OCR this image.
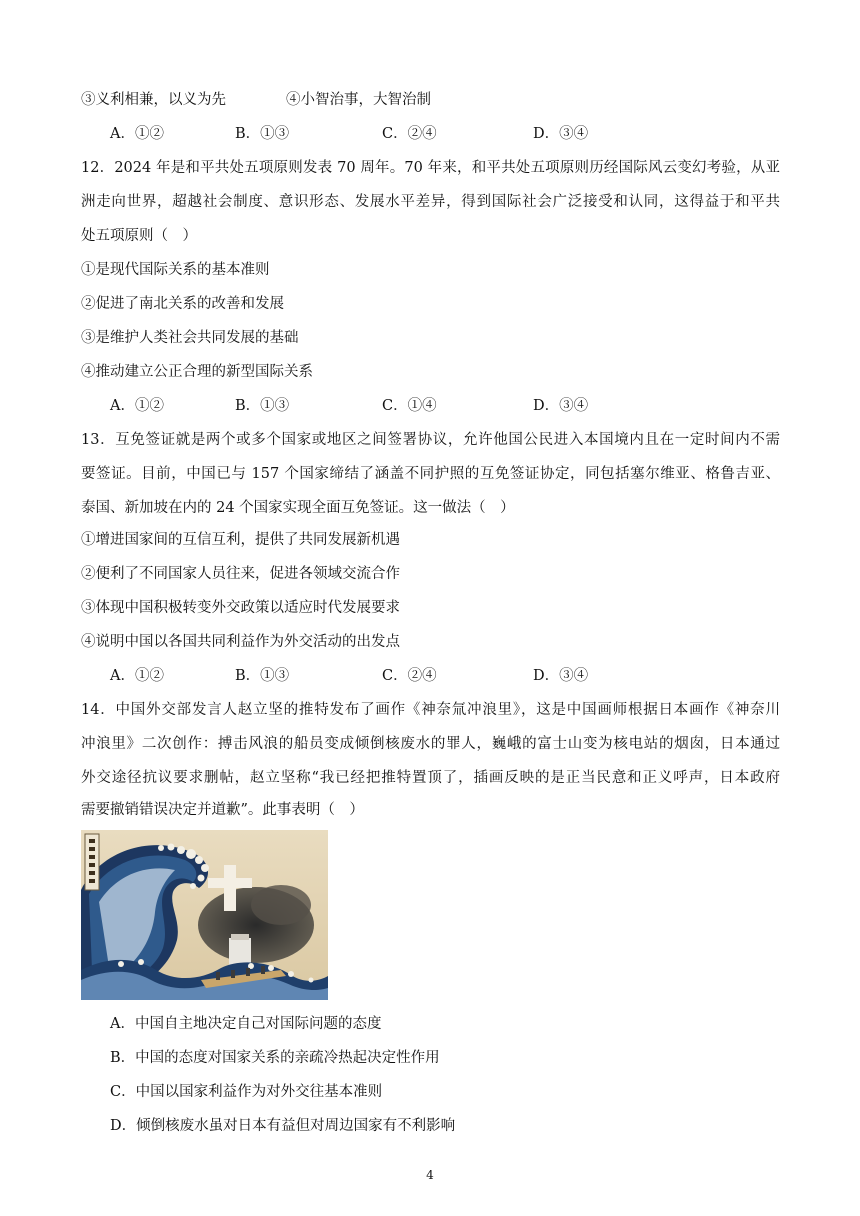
③义利相兼，以义为先	④小智治事，大智治制
A．①②	B．①③	C．②④	D．③④
12．2024 年是和平共处五项原则发表 70 周年。70 年来，和平共处五项原则历经国际风云变幻考验，从亚
洲走向世界，超越社会制度、意识形态、发展水平差异，得到国际社会广泛接受和认同，这得益于和平共
处五项原则（　）
①是现代国际关系的基本准则
②促进了南北关系的改善和发展
③是维护人类社会共同发展的基础
④推动建立公正合理的新型国际关系
A．①②	B．①③	C．①④	D．③④
13．互免签证就是两个或多个国家或地区之间签署协议，允许他国公民进入本国境内且在一定时间内不需
要签证。目前，中国已与 157 个国家缔结了涵盖不同护照的互免签证协定，同包括塞尔维亚、格鲁吉亚、
泰国、新加坡在内的 24 个国家实现全面互免签证。这一做法（　）
①增进国家间的互信互利，提供了共同发展新机遇
②便利了不同国家人员往来，促进各领域交流合作
③体现中国积极转变外交政策以适应时代发展要求
④说明中国以各国共同利益作为外交活动的出发点
A．①②	B．①③	C．②④	D．③④
14．中国外交部发言人赵立坚的推特发布了画作《神奈氚冲浪里》，这是中国画师根据日本画作《神奈川
冲浪里》二次创作：搏击风浪的船员变成倾倒核废水的罪人，巍峨的富士山变为核电站的烟囱，日本通过
外交途径抗议要求删帖，赵立坚称“我已经把推特置顶了，插画反映的是正当民意和正义呼声，日本政府
需要撤销错误决定并道歉”。此事表明（　）
A．中国自主地决定自己对国际问题的态度
B．中国的态度对国家关系的亲疏冷热起决定性作用
C．中国以国家利益作为对外交往基本准则
D．倾倒核废水虽对日本有益但对周边国家有不利影响
4
